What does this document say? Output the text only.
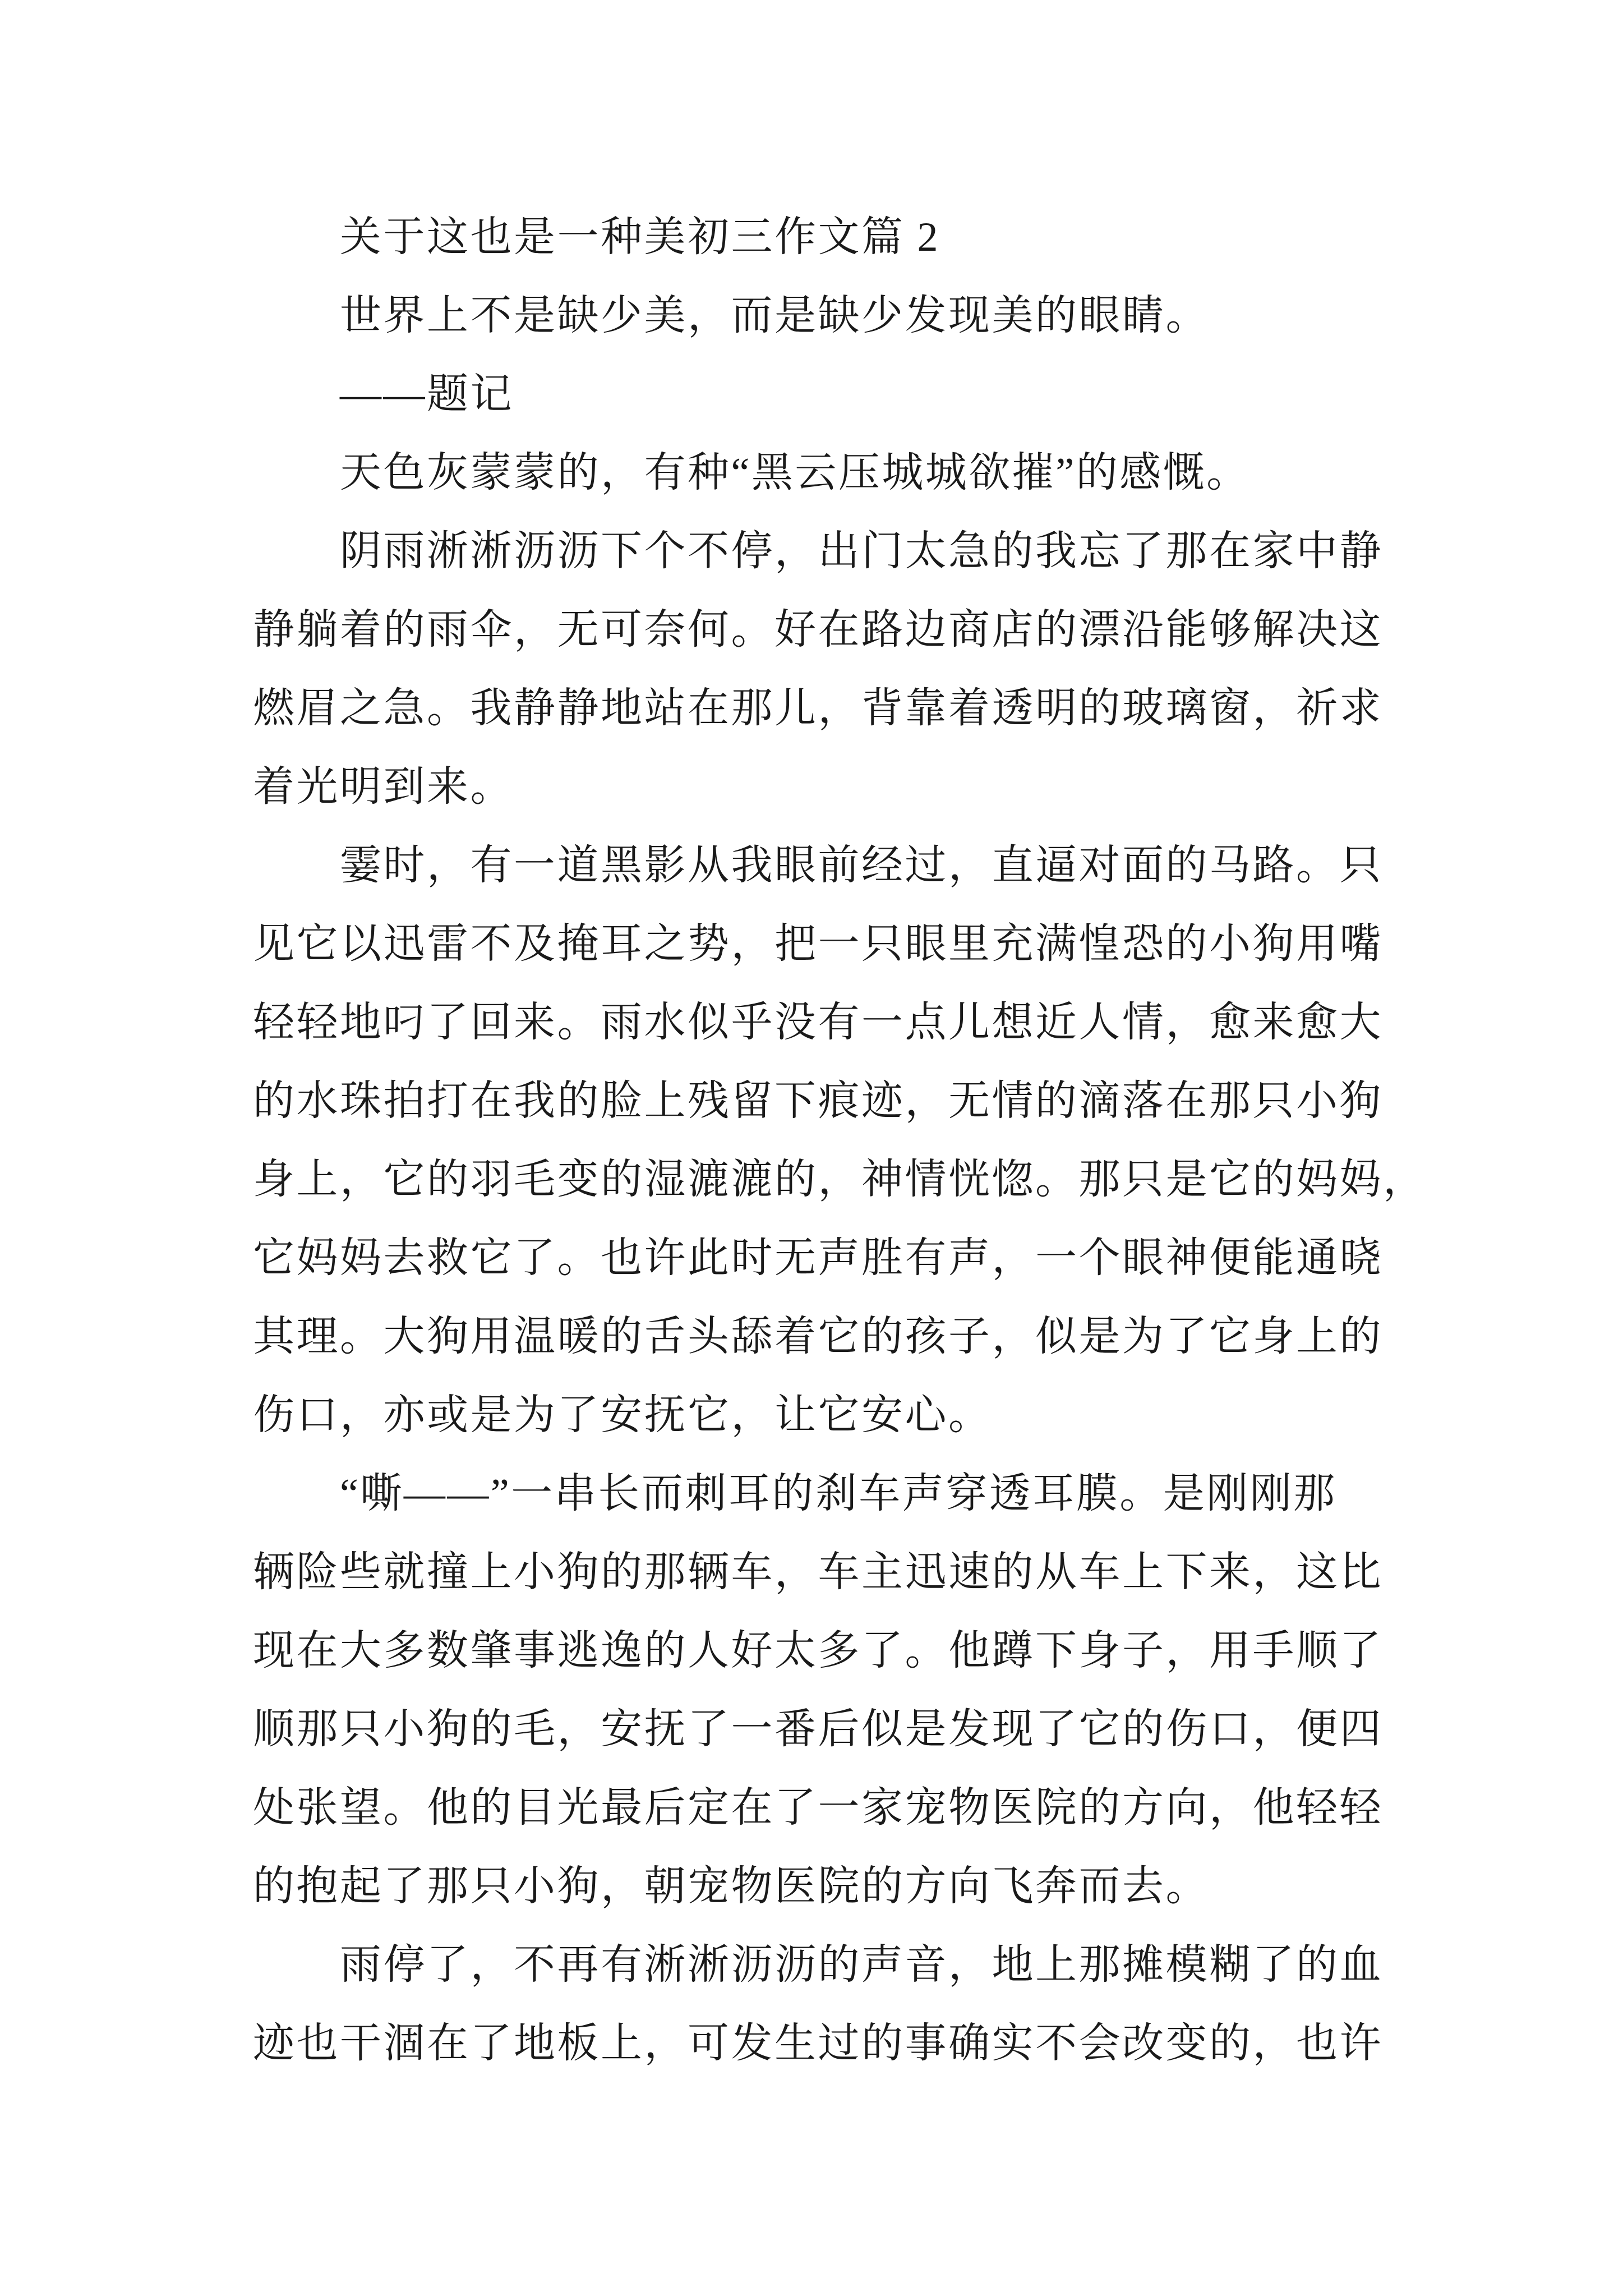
关于这也是一种美初三作文篇 2
世界上不是缺少美，而是缺少发现美的眼睛。
——题记
天色灰蒙蒙的，有种“黑云压城城欲摧”的感慨。
阴雨淅淅沥沥下个不停，出门太急的我忘了那在家中静
静躺着的雨伞，无可奈何。好在路边商店的漂沿能够解决这
燃眉之急。我静静地站在那儿，背靠着透明的玻璃窗，祈求
着光明到来。
霎时，有一道黑影从我眼前经过，直逼对面的马路。只
见它以迅雷不及掩耳之势，把一只眼里充满惶恐的小狗用嘴
轻轻地叼了回来。雨水似乎没有一点儿想近人情，愈来愈大
的水珠拍打在我的脸上残留下痕迹，无情的滴落在那只小狗
身上，它的羽毛变的湿漉漉的，神情恍惚。那只是它的妈妈，
它妈妈去救它了。也许此时无声胜有声，一个眼神便能通晓
其理。大狗用温暖的舌头舔着它的孩子，似是为了它身上的
伤口，亦或是为了安抚它，让它安心。
“嘶——”一串长而刺耳的刹车声穿透耳膜。是刚刚那
辆险些就撞上小狗的那辆车，车主迅速的从车上下来，这比
现在大多数肇事逃逸的人好太多了。他蹲下身子，用手顺了
顺那只小狗的毛，安抚了一番后似是发现了它的伤口，便四
处张望。他的目光最后定在了一家宠物医院的方向，他轻轻
的抱起了那只小狗，朝宠物医院的方向飞奔而去。
雨停了，不再有淅淅沥沥的声音，地上那摊模糊了的血
迹也干涸在了地板上，可发生过的事确实不会改变的，也许
